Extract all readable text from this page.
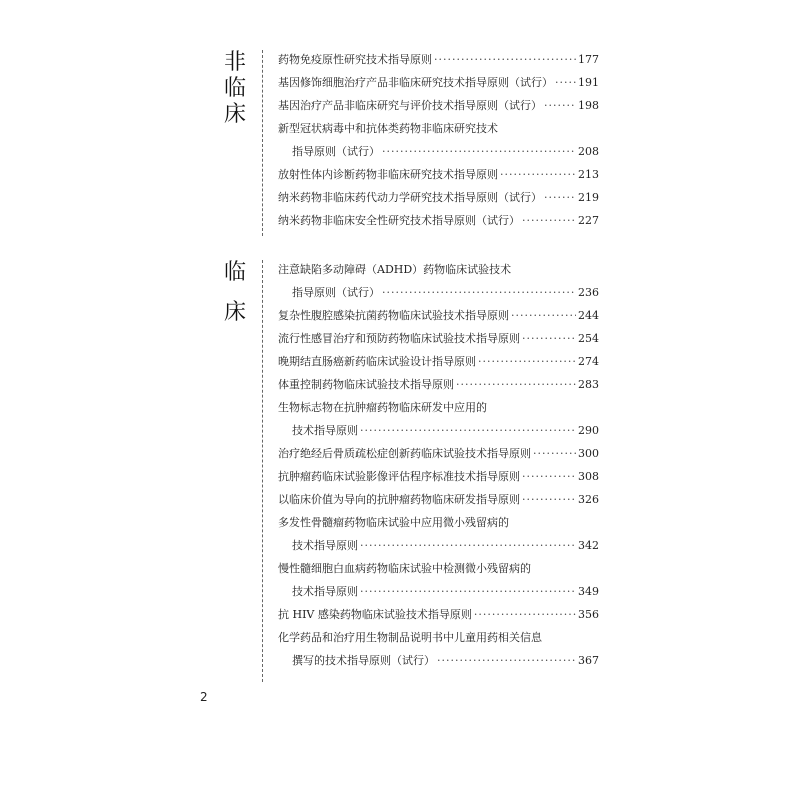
非临床
药物免疫原性研究技术指导原则 ·····	177
基因修饰细胞治疗产品非临床研究技术指导原则（试行） ····· 191
基因治疗产品非临床研究与评价技术指导原则（试行） ·····	198
新型冠状病毒中和抗体类药物非临床研究技术
指导原则（试行） ·····	208
放射性体内诊断药物非临床研究技术指导原则 ·····	213
纳米药物非临床药代动力学研究技术指导原则（试行） ·····	219
纳米药物非临床安全性研究技术指导原则（试行） ·····	227
临
床
注意缺陷多动障碍（ADHD）药物临床试验技术
指导原则（试行） ·····	236
复杂性腹腔感染抗菌药物临床试验技术指导原则 ·····	244
流行性感冒治疗和预防药物临床试验技术指导原则 ·····	254
晚期结直肠癌新药临床试验设计指导原则 ·····	274
体重控制药物临床试验技术指导原则 ·····	283
生物标志物在抗肿瘤药物临床研发中应用的
技术指导原则 ·····	290
治疗绝经后骨质疏松症创新药临床试验技术指导原则 ·····	300
抗肿瘤药临床试验影像评估程序标准技术指导原则 ·····	308
以临床价值为导向的抗肿瘤药物临床研发指导原则 ·····	326
多发性骨髓瘤药物临床试验中应用微小残留病的
技术指导原则 ·····	342
慢性髓细胞白血病药物临床试验中检测微小残留病的
技术指导原则 ·····	349
抗 HIV 感染药物临床试验技术指导原则 ·····	356
化学药品和治疗用生物制品说明书中儿童用药相关信息
撰写的技术指导原则（试行） ·····	367
2
